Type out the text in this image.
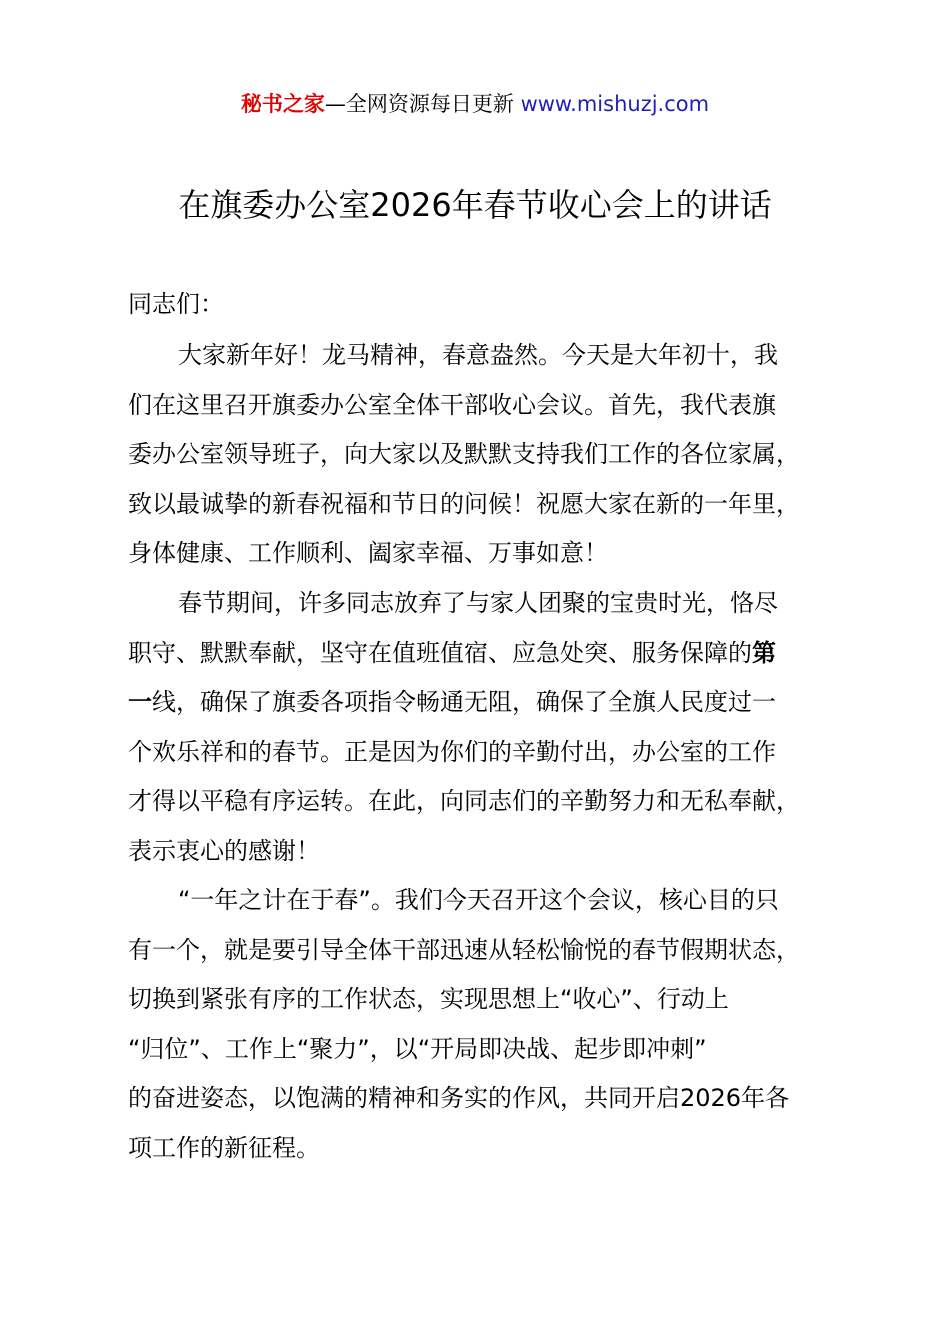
秘书之家—全网资源每日更新 www.mishuzj.com
在旗委办公室2026年春节收心会上的讲话
同志们：
大家新年好！龙马精神，春意盎然。今天是大年初十，我
们在这里召开旗委办公室全体干部收心会议。首先，我代表旗
委办公室领导班子，向大家以及默默支持我们工作的各位家属，
致以最诚挚的新春祝福和节日的问候！祝愿大家在新的一年里，
身体健康、工作顺利、阖家幸福、万事如意！
春节期间，许多同志放弃了与家人团聚的宝贵时光，恪尽
职守、默默奉献，坚守在值班值宿、应急处突、服务保障的第
一线，确保了旗委各项指令畅通无阻，确保了全旗人民度过一
个欢乐祥和的春节。正是因为你们的辛勤付出，办公室的工作
才得以平稳有序运转。在此，向同志们的辛勤努力和无私奉献，
表示衷心的感谢！
“一年之计在于春”。我们今天召开这个会议，核心目的只
有一个，就是要引导全体干部迅速从轻松愉悦的春节假期状态，
切换到紧张有序的工作状态，实现思想上“收心”、行动上
“归位”、工作上“聚力”，以“开局即决战、起步即冲刺”
的奋进姿态，以饱满的精神和务实的作风，共同开启2026年各
项工作的新征程。
